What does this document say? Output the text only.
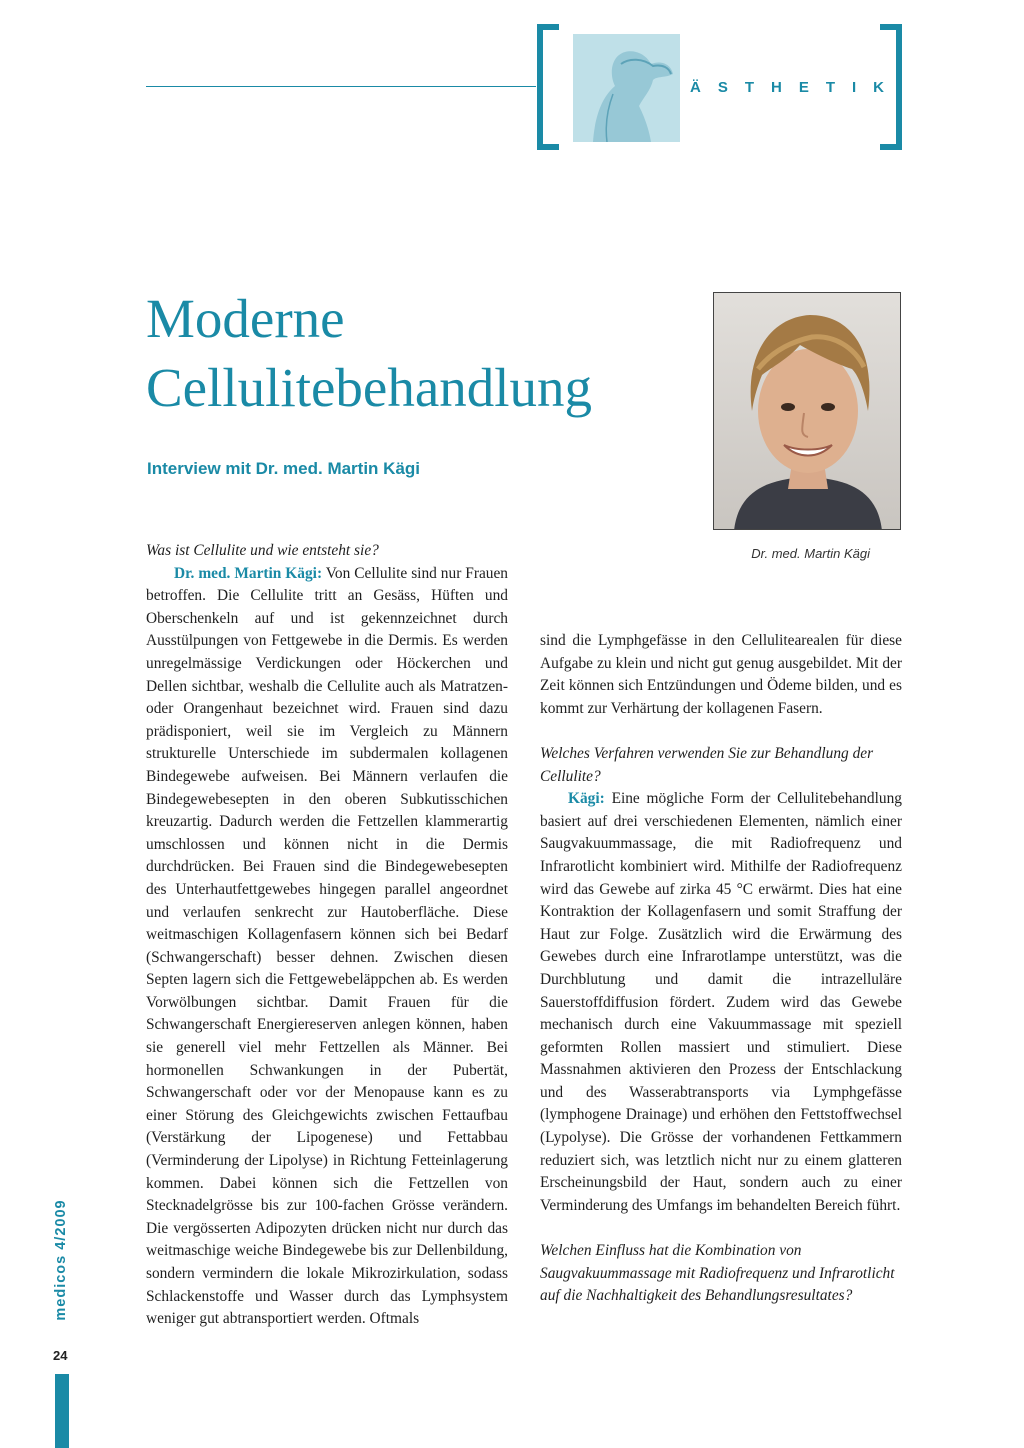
ÄSTHETIK
Moderne
Cellulitebehandlung
Interview mit Dr. med. Martin Kägi
Dr. med. Martin Kägi

Was ist Cellulite und wie entsteht sie?

Dr. med. Martin Kägi: Von Cellulite sind nur Frauen betroffen. Die Cellulite tritt an Gesäss, Hüften und Oberschenkeln auf und ist gekennzeichnet durch Ausstülpungen von Fettgewebe in die Dermis. Es werden unregelmässige Verdickungen oder Höckerchen und Dellen sichtbar, weshalb die Cellulite auch als Matratzen- oder Orangenhaut bezeichnet wird. Frauen sind dazu prädisponiert, weil sie im Vergleich zu Männern strukturelle Unterschiede im subdermalen kollagenen Bindegewebe aufweisen. Bei Männern verlaufen die Bindegewebesepten in den oberen Subkutisschichen kreuzartig. Dadurch werden die Fettzellen klammerartig umschlossen und können nicht in die Dermis durchdrücken. Bei Frauen sind die Bindegewebesepten des Unterhautfettgewebes hingegen parallel angeordnet und verlaufen senkrecht zur Hautoberfläche. Diese weitmaschigen Kollagenfasern können sich bei Bedarf (Schwangerschaft) besser dehnen. Zwischen diesen Septen lagern sich die Fettgewebeläppchen ab. Es werden Vorwölbungen sichtbar. Damit Frauen für die Schwangerschaft Energiereserven anlegen können, haben sie generell viel mehr Fettzellen als Männer. Bei hormonellen Schwankungen in der Pubertät, Schwangerschaft oder vor der Menopause kann es zu einer Störung des Gleichgewichts zwischen Fettaufbau (Verstärkung der Lipogenese) und Fettabbau (Verminderung der Lipolyse) in Richtung Fetteinlagerung kommen. Dabei können sich die Fettzellen von Stecknadelgrösse bis zur 100-fachen Grösse verändern. Die vergösserten Adipozyten drücken nicht nur durch das weitmaschige weiche Bindegewebe bis zur Dellenbildung, sondern vermindern die lokale Mikrozirkulation, sodass Schlackenstoffe und Wasser durch das Lymphsystem weniger gut abtransportiert werden. Oftmals

sind die Lymphgefässe in den Cellulitearealen für diese Aufgabe zu klein und nicht gut genug ausgebildet. Mit der Zeit können sich Entzündungen und Ödeme bilden, und es kommt zur Verhärtung der kollagenen Fasern.

Welches Verfahren verwenden Sie zur Behandlung der Cellulite?

Kägi: Eine mögliche Form der Cellulitebehandlung basiert auf drei verschiedenen Elementen, nämlich einer Saugvakuummassage, die mit Radiofrequenz und Infrarotlicht kombiniert wird. Mithilfe der Radiofrequenz wird das Gewebe auf zirka 45 °C erwärmt. Dies hat eine Kontraktion der Kollagenfasern und somit Straffung der Haut zur Folge. Zusätzlich wird die Erwärmung des Gewebes durch eine Infrarotlampe unterstützt, was die Durchblutung und damit die intrazelluläre Sauerstoffdiffusion fördert. Zudem wird das Gewebe mechanisch durch eine Vakuummassage mit speziell geformten Rollen massiert und stimuliert. Diese Massnahmen aktivieren den Prozess der Entschlackung und des Wasserabtransports via Lymphgefässe (lymphogene Drainage) und erhöhen den Fettstoffwechsel (Lypolyse). Die Grösse der vorhandenen Fettkammern reduziert sich, was letztlich nicht nur zu einem glatteren Erscheinungsbild der Haut, sondern auch zu einer Verminderung des Umfangs im behandelten Bereich führt.

Welchen Einfluss hat die Kombination von Saugvakuummassage mit Radiofrequenz und Infrarotlicht auf die Nachhaltigkeit des Behandlungsresultates?

medicos 4/2009
24
